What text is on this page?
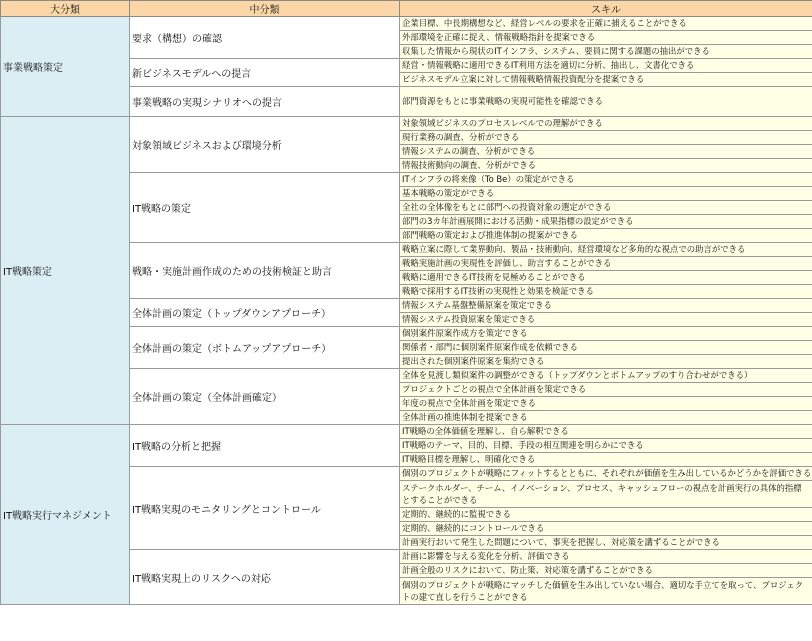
大分類	中分類	スキル
事業戦略策定	要求（構想）の確認	企業目標、中長期構想など、経営レベルの要求を正確に捕えることができる
		外部環境を正確に捉え、情報戦略指針を提案できる
		収集した情報から現状のITインフラ、システム、要員に関する課題の抽出ができる
	新ビジネスモデルへの提言	経営・情報戦略に適用できるIT利用方法を適切に分析、抽出し、文書化できる
		ビジネスモデル立案に対して情報戦略情報投資配分を提案できる
	事業戦略の実現シナリオへの提言	部門資源をもとに事業戦略の実現可能性を確認できる
IT戦略策定	対象領域ビジネスおよび環境分析	対象領域ビジネスのプロセスレベルでの理解ができる
		現行業務の調査、分析ができる
		情報システムの調査、分析ができる
		情報技術動向の調査、分析ができる
	IT戦略の策定	ITインフラの将来像（To Be）の策定ができる
		基本戦略の策定ができる
		全社の全体像をもとに部門への投資対象の選定ができる
		部門の3カ年計画展開における活動・成果指標の設定ができる
		部門戦略の策定および推進体制の提案ができる
	戦略・実施計画作成のための技術検証と助言	戦略立案に際して業界動向、製品・技術動向、経営環境など多角的な視点での助言ができる
		戦略実施計画の実現性を評価し、助言することができる
		戦略に適用できるIT技術を見極めることができる
		戦略で採用するIT技術の実現性と効果を検証できる
	全体計画の策定（トップダウンアプローチ）	情報システム基盤整備原案を策定できる
		情報システム投資原案を策定できる
	全体計画の策定（ボトムアップアプローチ）	個別案件原案作成方を策定できる
		関係者・部門に個別案件原案作成を依頼できる
		提出された個別案件原案を集約できる
	全体計画の策定（全体計画確定）	全体を見渡し類似案件の調整ができる（トップダウンとボトムアップのすり合わせができる）
		プロジェクトごとの視点で全体計画を策定できる
		年度の視点で全体計画を策定できる
		全体計画の推進体制を提案できる
IT戦略実行マネジメント	IT戦略の分析と把握	IT戦略の全体価値を理解し、自ら解釈できる
		IT戦略のテーマ、目的、目標、手段の相互関連を明らかにできる
		IT戦略目標を理解し、明確化できる
	IT戦略実現のモニタリングとコントロール	個別のプロジェクトが戦略にフィットするとともに、それぞれが価値を生み出しているかどうかを評価できる
		ステークホルダー、チーム、イノベーション、プロセス、キャッシュフローの視点を計画実行の具体的指標とすることができる
		定期的、継続的に監視できる
		定期的、継続的にコントロールできる
		計画実行おいて発生した問題について、事実を把握し、対応策を講ずることができる
	IT戦略実現上のリスクへの対応	計画に影響を与える変化を分析、評価できる
		計画全般のリスクにおいて、防止策、対応策を講ずることができる
		個別のプロジェクトが戦略にマッチした価値を生み出していない場合、適切な手立てを取って、プロジェクトの建て直しを行うことができる
